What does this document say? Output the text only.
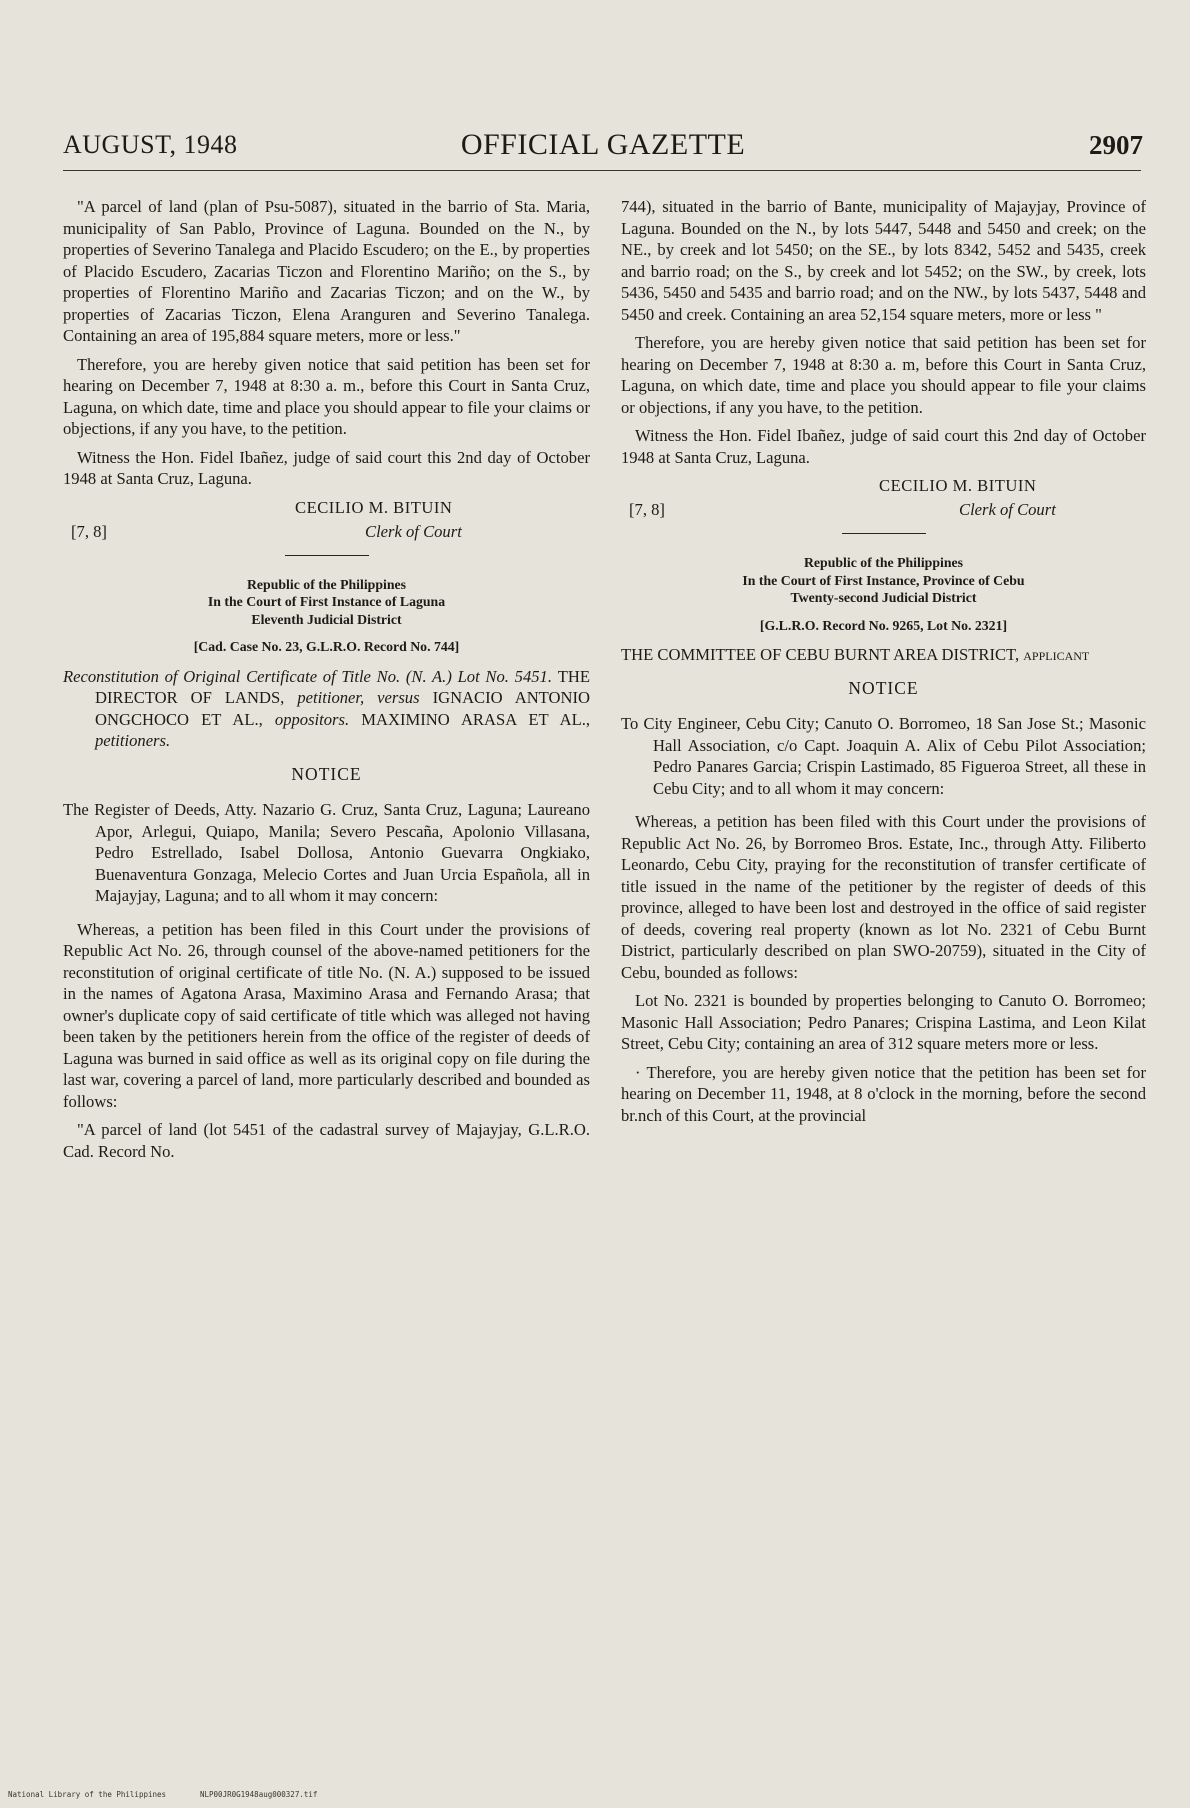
AUGUST, 1948	OFFICIAL GAZETTE	2907

"A parcel of land (plan of Psu-5087), situated in the barrio of Sta. Maria, municipality of San Pablo, Province of Laguna. Bounded on the N., by properties of Severino Tanalega and Placido Escudero; on the E., by properties of Placido Escudero, Zacarias Ticzon and Florentino Mariño; on the S., by properties of Florentino Mariño and Zacarias Ticzon; and on the W., by properties of Zacarias Ticzon, Elena Aranguren and Severino Tanalega. Containing an area of 195,884 square meters, more or less."

Therefore, you are hereby given notice that said petition has been set for hearing on December 7, 1948 at 8:30 a. m., before this Court in Santa Cruz, Laguna, on which date, time and place you should appear to file your claims or objections, if any you have, to the petition.

Witness the Hon. Fidel Ibañez, judge of said court this 2nd day of October 1948 at Santa Cruz, Laguna.

CECILIO M. BITUIN
[7, 8]	Clerk of Court
Republic of the Philippines
In the Court of First Instance of Laguna
Eleventh Judicial District
[Cad. Case No. 23, G.L.R.O. Record No. 744]

Reconstitution of Original Certificate of Title No. (N. A.) Lot No. 5451. THE DIRECTOR OF LANDS, petitioner, versus IGNACIO ANTONIO ONGCHOCO ET AL., oppositors. MAXIMINO ARASA ET AL., petitioners.

NOTICE

The Register of Deeds, Atty. Nazario G. Cruz, Santa Cruz, Laguna; Laureano Apor, Arlegui, Quiapo, Manila; Severo Pescaña, Apolonio Villasana, Pedro Estrellado, Isabel Dollosa, Antonio Guevarra Ongkiako, Buenaventura Gonzaga, Melecio Cortes and Juan Urcia Española, all in Majayjay, Laguna; and to all whom it may concern:

Whereas, a petition has been filed in this Court under the provisions of Republic Act No. 26, through counsel of the above-named petitioners for the reconstitution of original certificate of title No. (N. A.) supposed to be issued in the names of Agatona Arasa, Maximino Arasa and Fernando Arasa; that owner's duplicate copy of said certificate of title which was alleged not having been taken by the petitioners herein from the office of the register of deeds of Laguna was burned in said office as well as its original copy on file during the last war, covering a parcel of land, more particularly described and bounded as follows:

"A parcel of land (lot 5451 of the cadastral survey of Majayjay, G.L.R.O. Cad. Record No.

744), situated in the barrio of Bante, municipality of Majayjay, Province of Laguna. Bounded on the N., by lots 5447, 5448 and 5450 and creek; on the NE., by creek and lot 5450; on the SE., by lots 8342, 5452 and 5435, creek and barrio road; on the S., by creek and lot 5452; on the SW., by creek, lots 5436, 5450 and 5435 and barrio road; and on the NW., by lots 5437, 5448 and 5450 and creek. Containing an area 52,154 square meters, more or less "

Therefore, you are hereby given notice that said petition has been set for hearing on December 7, 1948 at 8:30 a. m, before this Court in Santa Cruz, Laguna, on which date, time and place you should appear to file your claims or objections, if any you have, to the petition.

Witness the Hon. Fidel Ibañez, judge of said court this 2nd day of October 1948 at Santa Cruz, Laguna.

CECILIO M. BITUIN
[7, 8]	Clerk of Court
Republic of the Philippines
In the Court of First Instance, Province of Cebu
Twenty-second Judicial District
[G.L.R.O. Record No. 9265, Lot No. 2321]

THE COMMITTEE OF CEBU BURNT AREA DISTRICT, applicant

NOTICE

To City Engineer, Cebu City; Canuto O. Borromeo, 18 San Jose St.; Masonic Hall Association, c/o Capt. Joaquin A. Alix of Cebu Pilot Association; Pedro Panares Garcia; Crispin Lastimado, 85 Figueroa Street, all these in Cebu City; and to all whom it may concern:

Whereas, a petition has been filed with this Court under the provisions of Republic Act No. 26, by Borromeo Bros. Estate, Inc., through Atty. Filiberto Leonardo, Cebu City, praying for the reconstitution of transfer certificate of title issued in the name of the petitioner by the register of deeds of this province, alleged to have been lost and destroyed in the office of said register of deeds, covering real property (known as lot No. 2321 of Cebu Burnt District, particularly described on plan SWO-20759), situated in the City of Cebu, bounded as follows:

Lot No. 2321 is bounded by properties belonging to Canuto O. Borromeo; Masonic Hall Association; Pedro Panares; Crispina Lastima, and Leon Kilat Street, Cebu City; containing an area of 312 square meters more or less.

· Therefore, you are hereby given notice that the petition has been set for hearing on December 11, 1948, at 8 o'clock in the morning, before the second br.nch of this Court, at the provincial

National Library of the Philippines	NLP00JR0G1948aug000327.tif
